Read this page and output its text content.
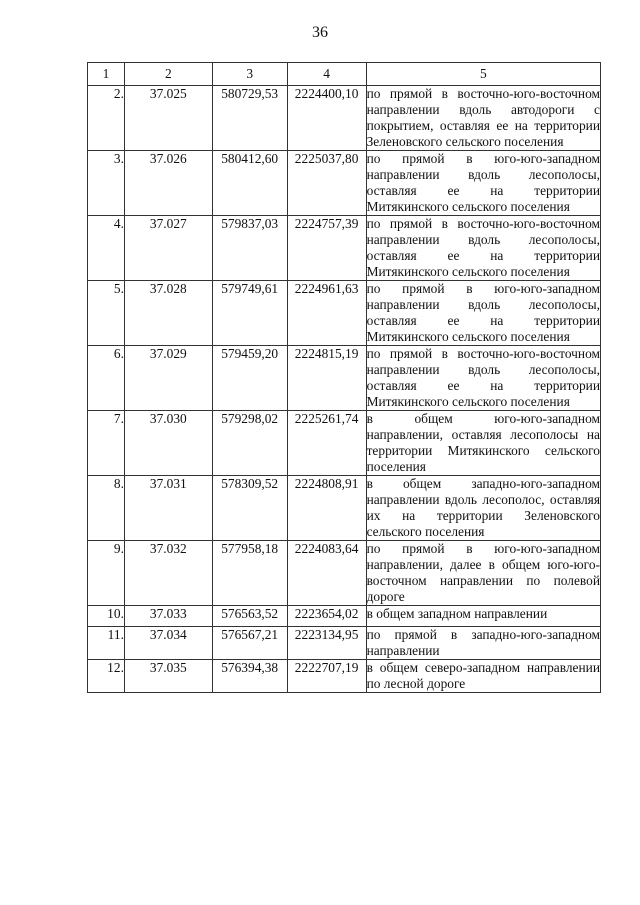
36
1	2	3	4	5
2.	37.025	580729,53	2224400,10	по прямой в восточно-юго-восточном направлении вдоль автодороги с покрытием, оставляя ее на территории Зеленовского сельского поселения
3.	37.026	580412,60	2225037,80	по прямой в юго-юго-западном направлении вдоль лесополосы, оставляя ее на территории Митякинского сельского поселения
4.	37.027	579837,03	2224757,39	по прямой в восточно-юго-восточном направлении вдоль лесополосы, оставляя ее на территории Митякинского сельского поселения
5.	37.028	579749,61	2224961,63	по прямой в юго-юго-западном направлении вдоль лесополосы, оставляя ее на территории Митякинского сельского поселения
6.	37.029	579459,20	2224815,19	по прямой в восточно-юго-восточном направлении вдоль лесополосы, оставляя ее на территории Митякинского сельского поселения
7.	37.030	579298,02	2225261,74	в общем юго-юго-западном направлении, оставляя лесополосы на территории Митякинского сельского поселения
8.	37.031	578309,52	2224808,91	в общем западно-юго-западном направлении вдоль лесополос, оставляя их на территории Зеленовского сельского поселения
9.	37.032	577958,18	2224083,64	по прямой в юго-юго-западном направлении, далее в общем юго-юго-восточном направлении по полевой дороге
10.	37.033	576563,52	2223654,02	в общем западном направлении
11.	37.034	576567,21	2223134,95	по прямой в западно-юго-западном направлении
12.	37.035	576394,38	2222707,19	в общем северо-западном направлении по лесной дороге
